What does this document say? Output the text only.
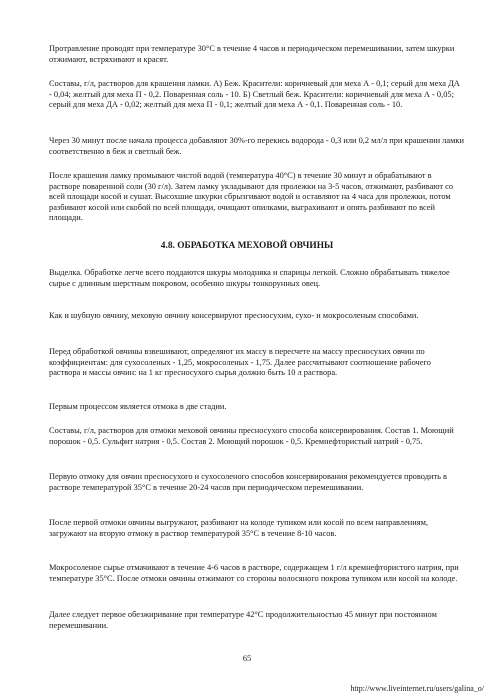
Протравление проводят при температуре 30°С в течение 4 часов и периодическом перемешивании, затем шкурки отжимают, встряхивают и красят.

Составы, г/л, растворов для крашения ламки. А) Беж. Красители: коричневый для меха А - 0,1; серый для меха ДА - 0,04; желтый для меха П - 0,2. Поваренная соль - 10. Б) Светлый беж. Красители: коричневый для меха А - 0,05; серый для меха ДА - 0,02; желтый для меха П - 0,1; желтый для меха А - 0,1. Поваренная соль - 10.

Через 30 минут после начала процесса добавляют 30%-го перекись водорода - 0,3 или 0,2 мл/л при крашении ламки соответственно в беж и светлый беж.

После крашения ламку промывают чистой водой (температура 40°С) в течение 30 минут и обрабатывают в растворе поваренной соли (30 г/л). Затем ламку укладывают для пролежки на 3-5 часов, отжимают, разбивают со всей площади косой и сушат. Высохшие шкурки сбрызгивают водой и оставляют на 4 часа для пролежки, потом разбивают косой или скобой по всей площади, очищают опилками, выграхивают и опять разбивают по всей площади.

4.8. ОБРАБОТКА МЕХОВОЙ ОВЧИНЫ

Выделка. Обработке легче всего поддаются шкуры молодняка и спарицы легкой. Сложно обрабатывать тяжелое сырье с длинным шерстным покровом, особенно шкуры тонкорунных овец.

Как и шубную овчину, меховую овчину консервируют пресносухим, сухо- и мокросоленым способами.

Перед обработкой овчины взвешивают, определяют их массу в пересчете на массу пресносухих овчин по коэффициентам: для сухосоленых - 1,25, мокросоленых - 1,75. Далее рассчитывают соотношение рабочего раствора и массы овчин: на 1 кг пресносухого сырья должно быть 10 л раствора.

Первым процессом является отмока в две стадии.

Составы, г/л, растворов для отмоки меховой овчины пресносухого способа консервирования. Состав 1. Моющий порошок - 0,5. Сульфит натрия - 0,5. Состав 2. Моющий порошок - 0,5. Кремнефтористый натрий - 0,75.

Первую отмоку для овчин пресносухого и сухосоленого способов консервирования рекомендуется проводить в растворе температурой 35°С в течение 20-24 часов при периодическом перемешивании.

После первой отмоки овчины выгружают, разбивают на колоде тупиком или косой по всем направлениям, загружают на вторую отмоку в раствор температурой 35°С в течение 8-10 часов.

Мокросоленое сырье отмачивают в течение 4-6 часов в растворе, содержащем 1 г/л кремнефтористого натрия, при температуре 35°С. После отмоки овчины отжимают со стороны волосяного покрова тупиком или косой на колоде.

Далее следует первое обезжиривание при температуре 42°С продолжительностью 45 минут при постоянном перемешивании.

65
http://www.liveinternet.ru/users/galina_o/
